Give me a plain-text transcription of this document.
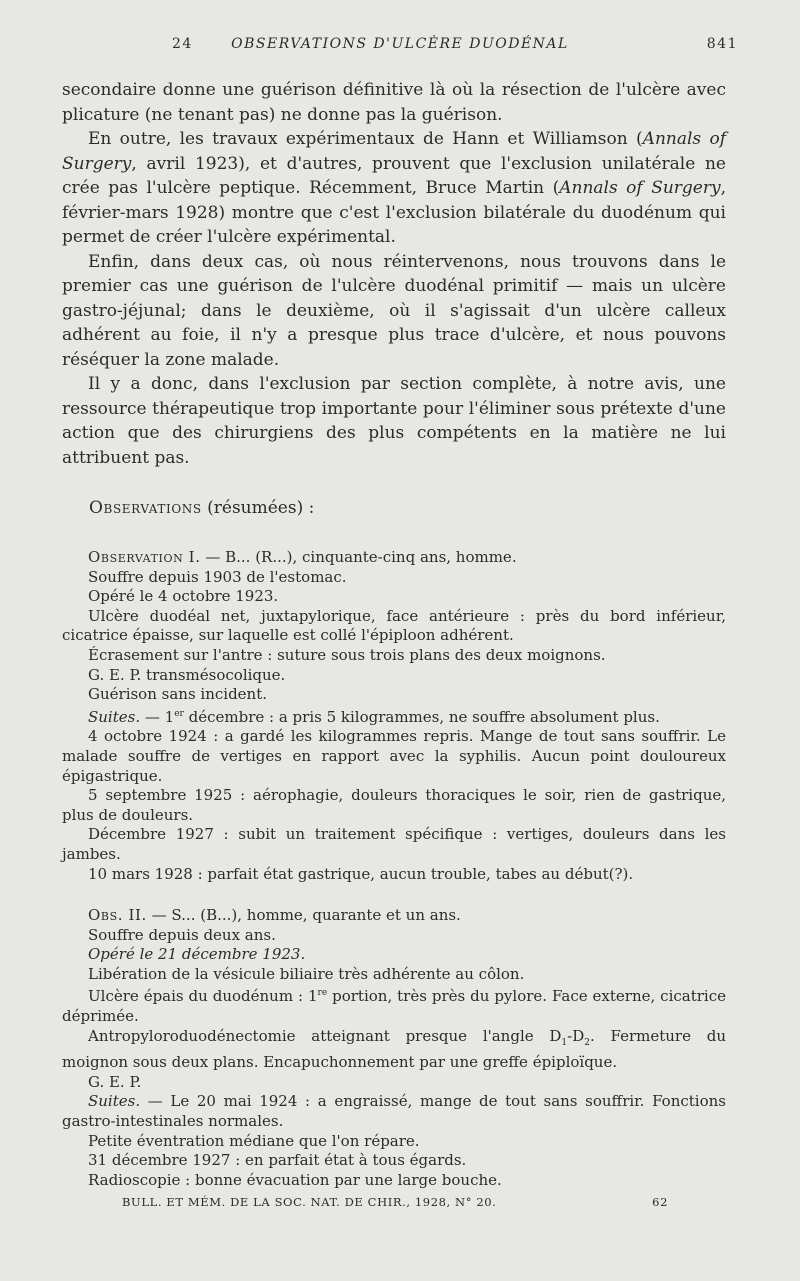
24	OBSERVATIONS D'ULCÈRE DUODÉNAL	841

secondaire donne une guérison définitive là où la résection de l'ulcère avec plicature (ne tenant pas) ne donne pas la guérison.

En outre, les travaux expérimentaux de Hann et Williamson (Annals of Surgery, avril 1923), et d'autres, prouvent que l'exclusion unilatérale ne crée pas l'ulcère peptique. Récemment, Bruce Martin (Annals of Surgery, février-mars 1928) montre que c'est l'exclusion bilatérale du duodénum qui permet de créer l'ulcère expérimental.

Enfin, dans deux cas, où nous réintervenons, nous trouvons dans le premier cas une guérison de l'ulcère duodénal primitif — mais un ulcère gastro-jéjunal; dans le deuxième, où il s'agissait d'un ulcère calleux adhérent au foie, il n'y a presque plus trace d'ulcère, et nous pouvons réséquer la zone malade.

Il y a donc, dans l'exclusion par section complète, à notre avis, une ressource thérapeutique trop importante pour l'éliminer sous prétexte d'une action que des chirurgiens des plus compétents en la matière ne lui attribuent pas.

Observations (résumées) :

Observation I. — B... (R...), cinquante-cinq ans, homme.

Souffre depuis 1903 de l'estomac.

Opéré le 4 octobre 1923.

Ulcère duodéal net, juxtapylorique, face antérieure : près du bord inférieur, cicatrice épaisse, sur laquelle est collé l'épiploon adhérent.

Écrasement sur l'antre : suture sous trois plans des deux moignons.

G. E. P. transmésocolique.

Guérison sans incident.

Suites. — 1er décembre : a pris 5 kilogrammes, ne souffre absolument plus.

4 octobre 1924 : a gardé les kilogrammes repris. Mange de tout sans souffrir. Le malade souffre de vertiges en rapport avec la syphilis. Aucun point douloureux épigastrique.

5 septembre 1925 : aérophagie, douleurs thoraciques le soir, rien de gastrique, plus de douleurs.

Décembre 1927 : subit un traitement spécifique : vertiges, douleurs dans les jambes.

10 mars 1928 : parfait état gastrique, aucun trouble, tabes au début(?).

Obs. II. — S... (B...), homme, quarante et un ans.

Souffre depuis deux ans.

Opéré le 21 décembre 1923.

Libération de la vésicule biliaire très adhérente au côlon.

Ulcère épais du duodénum : 1re portion, très près du pylore. Face externe, cicatrice déprimée.

Antropyloroduodénectomie atteignant presque l'angle $D_1-D_2$. Fermeture du moignon sous deux plans. Encapuchonnement par une greffe épiploïque.

G. E. P.

Suites. — Le 20 mai 1924 : a engraissé, mange de tout sans souffrir. Fonctions gastro-intestinales normales.

Petite éventration médiane que l'on répare.

31 décembre 1927 : en parfait état à tous égards.

Radioscopie : bonne évacuation par une large bouche.

BULL. ET MÉM. DE LA SOC. NAT. DE CHIR., 1928, N° 20.	62
